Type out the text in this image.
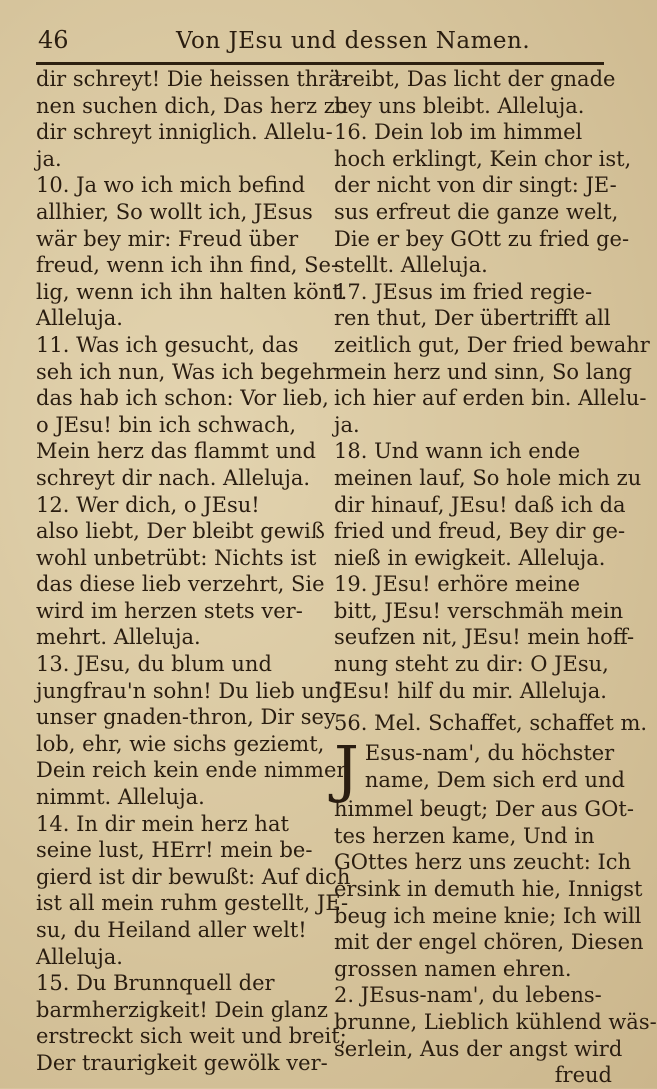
46	Von JEsu und dessen Namen.
dir schreyt! Die heissen thrä-
nen suchen dich, Das herz zu
dir schreyt inniglich. Allelu-
ja.
10. Ja wo ich mich befind
allhier, So wollt ich, JEsus
wär bey mir: Freud über
freud, wenn ich ihn find, Se-
lig, wenn ich ihn halten könt.
Alleluja.
11. Was ich gesucht, das
seh ich nun, Was ich begehr
das hab ich schon: Vor lieb,
o JEsu! bin ich schwach,
Mein herz das flammt und
schreyt dir nach. Alleluja.
12. Wer dich, o JEsu!
also liebt, Der bleibt gewiß
wohl unbetrübt: Nichts ist
das diese lieb verzehrt, Sie
wird im herzen stets ver-
mehrt. Alleluja.
13. JEsu, du blum und
jungfrau'n sohn! Du lieb und
unser gnaden-thron, Dir sey
lob, ehr, wie sichs geziemt,
Dein reich kein ende nimmer
nimmt. Alleluja.
14. In dir mein herz hat
seine lust, HErr! mein be-
gierd ist dir bewußt: Auf dich
ist all mein ruhm gestellt, JE-
su, du Heiland aller welt!
Alleluja.
15. Du Brunnquell der
barmherzigkeit! Dein glanz
erstreckt sich weit und breit;
Der traurigkeit gewölk ver-
treibt, Das licht der gnade
bey uns bleibt. Alleluja.
16. Dein lob im himmel
hoch erklingt, Kein chor ist,
der nicht von dir singt: JE-
sus erfreut die ganze welt,
Die er bey GOtt zu fried ge-
stellt. Alleluja.
17. JEsus im fried regie-
ren thut, Der übertrifft all
zeitlich gut, Der fried bewahr
mein herz und sinn, So lang
ich hier auf erden bin. Allelu-
ja.
18. Und wann ich ende
meinen lauf, So hole mich zu
dir hinauf, JEsu! daß ich da
fried und freud, Bey dir ge-
nieß in ewigkeit. Alleluja.
19. JEsu! erhöre meine
bitt, JEsu! verschmäh mein
seufzen nit, JEsu! mein hoff-
nung steht zu dir: O JEsu,
JEsu! hilf du mir. Alleluja.
56. Mel. Schaffet, schaffet m.
J Esus-nam', du höchster
name, Dem sich erd und
himmel beugt; Der aus GOt-
tes herzen kame, Und in
GOttes herz uns zeucht: Ich
ersink in demuth hie, Innigst
beug ich meine knie; Ich will
mit der engel chören, Diesen
grossen namen ehren.
2. JEsus-nam', du lebens-
brunne, Lieblich kühlend wäs-
serlein, Aus der angst wird
freud
